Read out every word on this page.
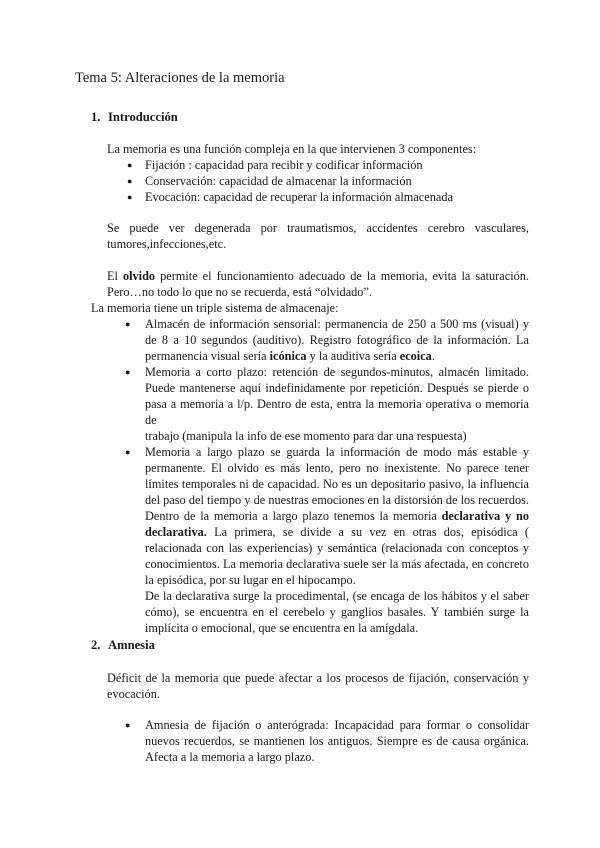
Tema 5: Alteraciones de la memoria
1. Introducción
La memoria es una función compleja en la que intervienen 3 componentes:
● Fijación : capacidad para recibir y codificar información
● Conservación: capacidad de almacenar la información
● Evocación: capacidad de recuperar la información almacenada
Se puede ver degenerada por traumatismos, accidentes cerebro vasculares,
tumores,infecciones,etc.
El olvido permite el funcionamiento adecuado de la memoria, evita la saturación.
Pero…no todo lo que no se recuerda, está “olvidado”.
La memoria tiene un triple sistema de almacenaje:
● Almacén de información sensorial: permanencia de 250 a 500 ms (visual) y
de 8 a 10 segundos (auditivo). Registro fotográfico de la información. La
permanencia visual sería icónica y la auditiva sería ecoica.
● Memoria a corto plazo: retención de segundos-minutos, almacén limitado.
Puede mantenerse aquí indefinidamente por repetición. Después se pierde o
pasa a memoria a l/p. Dentro de esta, entra la memoria operativa o memoria de
trabajo (manipula la info de ese momento para dar una respuesta)
● Memoria a largo plazo se guarda la información de modo más estable y
permanente. El olvido es más lento, pero no inexistente. No parece tener
límites temporales ni de capacidad. No es un depositario pasivo, la influencia
del paso del tiempo y de nuestras emociones en la distorsión de los recuerdos.
Dentro de la memoria a largo plazo tenemos la memoria declarativa y no
declarativa. La primera, se divide a su vez en otras dos, episódica (
relacionada con las experiencias) y semántica (relacionada con conceptos y
conocimientos. La memoria declarativa suele ser la más afectada, en concreto
la episódica, por su lugar en el hipocampo.
De la declarativa surge la procedimental, (se encaga de los hábitos y el saber
cómo), se encuentra en el cerebelo y ganglios basales. Y también surge la
implícita o emocional, que se encuentra en la amígdala.
2. Amnesia
Déficit de la memoria que puede afectar a los procesos de fijación, conservación y
evocación.
● Amnesia de fijación o anterógrada: Incapacidad para formar o consolidar
nuevos recuerdos, se mantienen los antiguos. Siempre es de causa orgánica.
Afecta a la memoria a largo plazo.
